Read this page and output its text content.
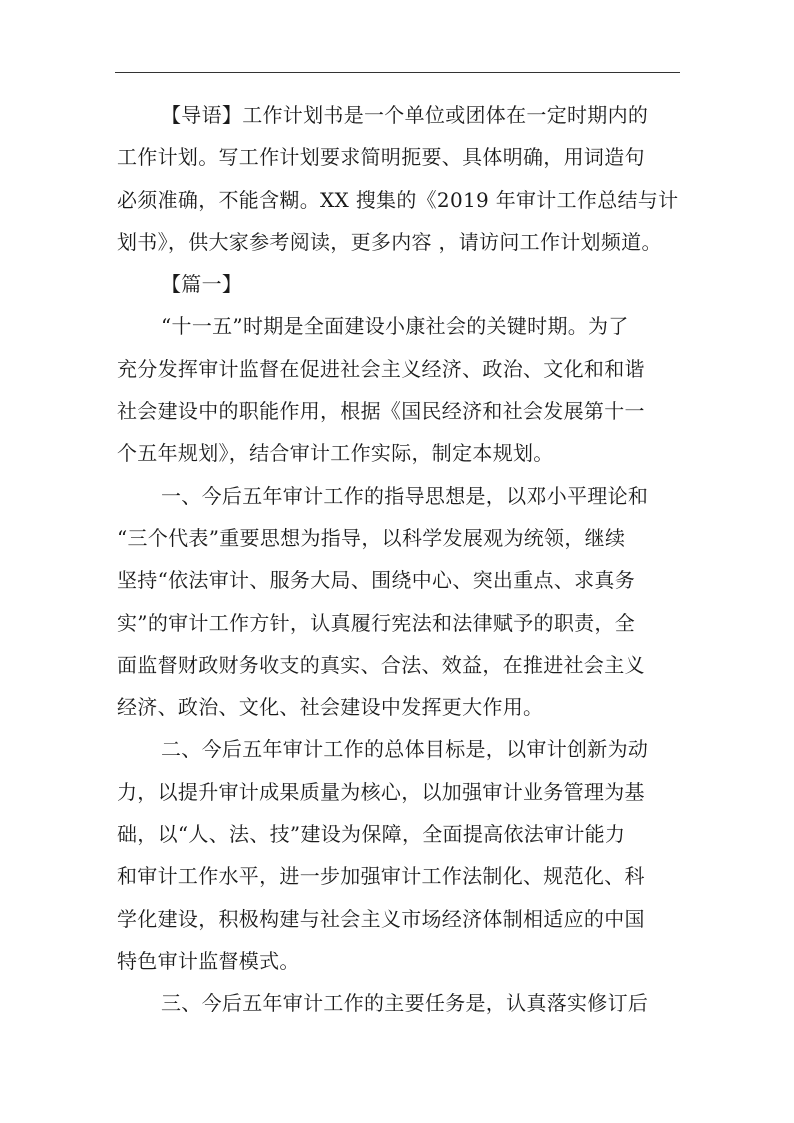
【导语】工作计划书是一个单位或团体在一定时期内的
工作计划。写工作计划要求简明扼要、具体明确，用词造句
必须准确，不能含糊。XX 搜集的《2019 年审计工作总结与计
划书》，供大家参考阅读，更多内容 ，请访问工作计划频道。
【篇一】
“十一五”时期是全面建设小康社会的关键时期。为了
充分发挥审计监督在促进社会主义经济、政治、文化和和谐
社会建设中的职能作用，根据《国民经济和社会发展第十一
个五年规划》，结合审计工作实际，制定本规划。
一、今后五年审计工作的指导思想是，以邓小平理论和
“三个代表”重要思想为指导，以科学发展观为统领，继续
坚持“依法审计、服务大局、围绕中心、突出重点、求真务
实”的审计工作方针，认真履行宪法和法律赋予的职责，全
面监督财政财务收支的真实、合法、效益，在推进社会主义
经济、政治、文化、社会建设中发挥更大作用。
二、今后五年审计工作的总体目标是，以审计创新为动
力，以提升审计成果质量为核心，以加强审计业务管理为基
础，以“人、法、技”建设为保障，全面提高依法审计能力
和审计工作水平，进一步加强审计工作法制化、规范化、科
学化建设，积极构建与社会主义市场经济体制相适应的中国
特色审计监督模式。
三、今后五年审计工作的主要任务是，认真落实修订后
